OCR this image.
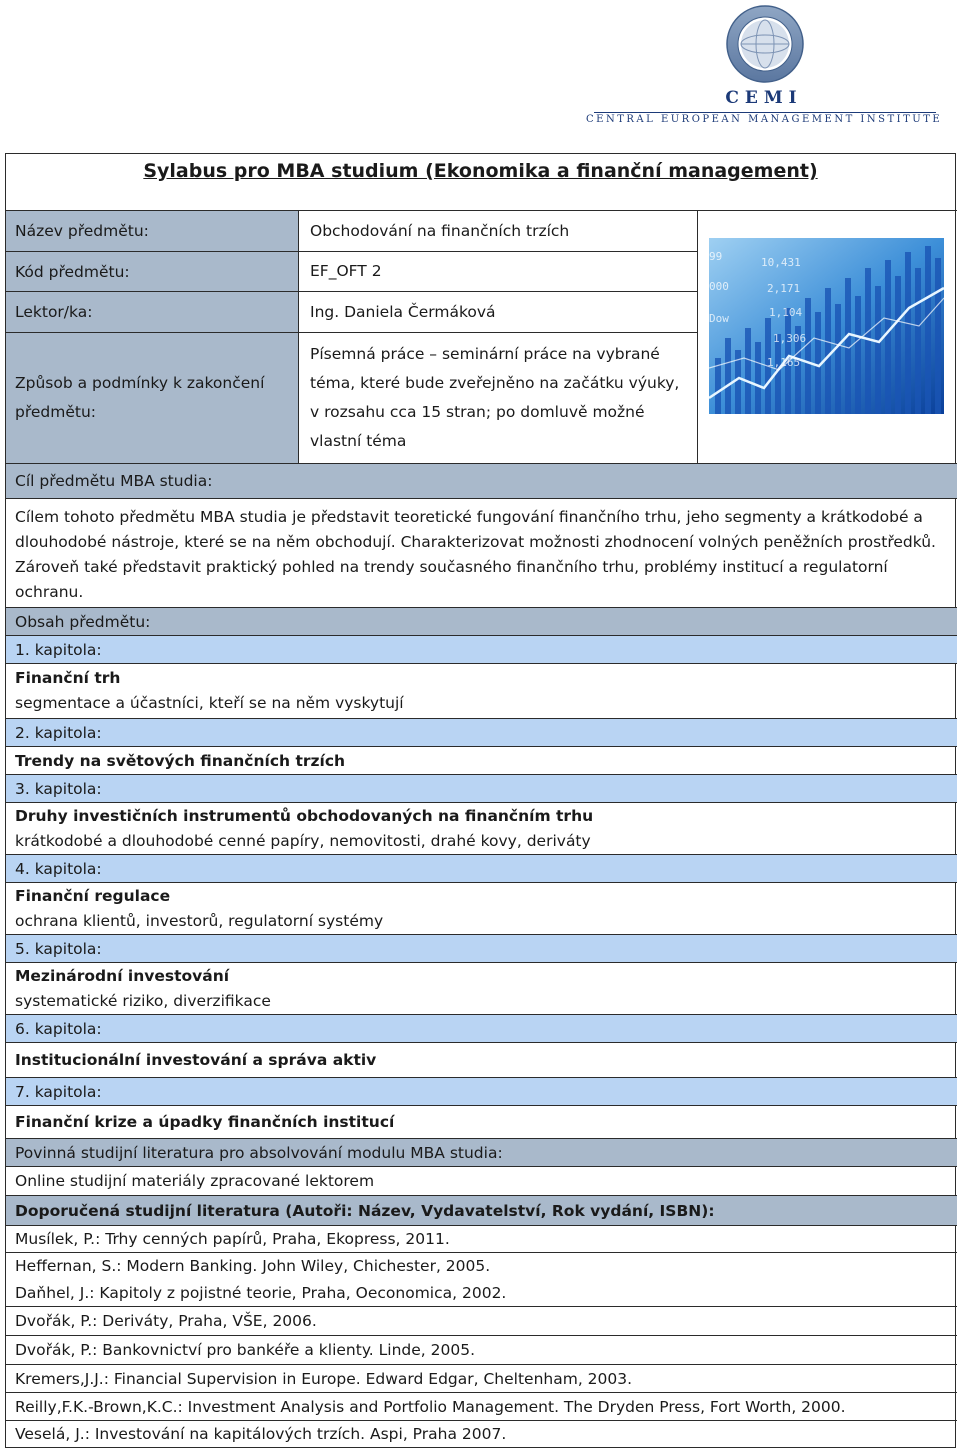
CEMI
CENTRAL EUROPEAN MANAGEMENT INSTITUTE
Sylabus pro MBA studium (Ekonomika a finanční management)
Název předmětu:	Obchodování na finančních trzích
Kód předmětu:	EF_OFT 2
Lektor/ka:	Ing. Daniela Čermáková
Způsob a podmínky k zakončení předmětu:
Písemná práce – seminární práce na vybrané téma, které bude zveřejněno na začátku výuky, v rozsahu cca 15 stran; po domluvě možné vlastní téma
99
000
Dow
10,431
2,171
1,104
1,306
1,165
Cíl předmětu MBA studia:
Cílem tohoto předmětu MBA studia je představit teoretické fungování finančního trhu, jeho segmenty a krátkodobé a dlouhodobé nástroje, které se na něm obchodují. Charakterizovat možnosti zhodnocení volných peněžních prostředků. Zároveň také představit praktický pohled na trendy současného finančního trhu, problémy institucí a regulatorní ochranu.
Obsah předmětu:
1. kapitola:
Finanční trh
segmentace a účastníci, kteří se na něm vyskytují
2. kapitola:
Trendy na světových finančních trzích
3. kapitola:
Druhy investičních instrumentů obchodovaných na finančním trhu
krátkodobé a dlouhodobé cenné papíry, nemovitosti, drahé kovy, deriváty
4. kapitola:
Finanční regulace
ochrana klientů, investorů, regulatorní systémy
5. kapitola:
Mezinárodní investování
systematické riziko, diverzifikace
6. kapitola:
Institucionální investování a správa aktiv
7. kapitola:
Finanční krize a úpadky finančních institucí
Povinná studijní literatura pro absolvování modulu MBA studia:
Online studijní materiály zpracované lektorem
Doporučená studijní literatura (Autoři: Název, Vydavatelství, Rok vydání, ISBN):
Musílek, P.: Trhy cenných papírů, Praha, Ekopress, 2011.
Heffernan, S.: Modern Banking. John Wiley, Chichester, 2005.
Daňhel, J.: Kapitoly z pojistné teorie, Praha, Oeconomica, 2002.
Dvořák, P.: Deriváty, Praha, VŠE, 2006.
Dvořák, P.: Bankovnictví pro bankéře a klienty. Linde, 2005.
Kremers,J.J.: Financial Supervision in Europe. Edward Edgar, Cheltenham, 2003.
Reilly,F.K.-Brown,K.C.: Investment Analysis and Portfolio Management. The Dryden Press, Fort Worth, 2000.
Veselá, J.: Investování na kapitálových trzích. Aspi, Praha 2007.
